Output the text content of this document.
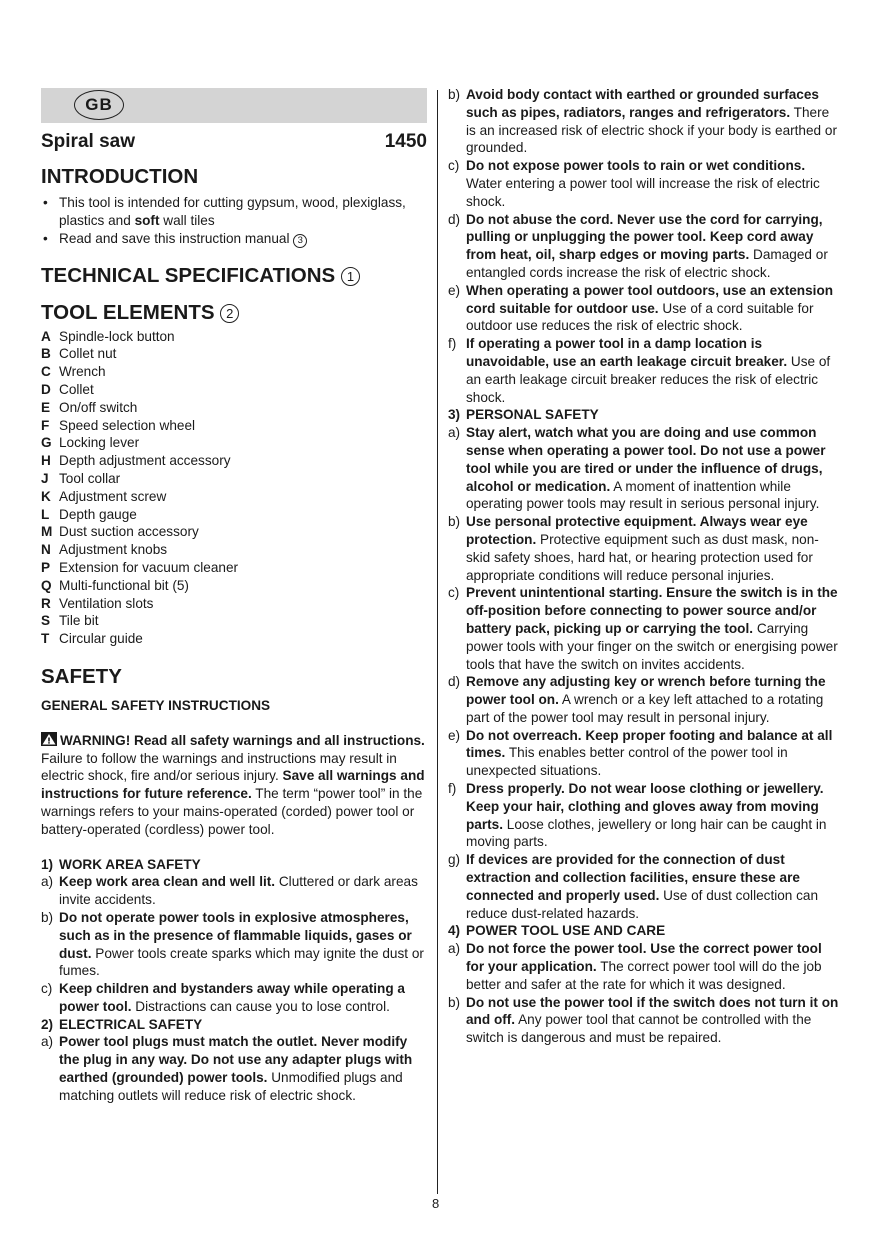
GB
Spiral saw	1450
INTRODUCTION
• This tool is intended for cutting gypsum, wood, plexiglass, plastics and soft wall tiles
• Read and save this instruction manual 3
TECHNICAL SPECIFICATIONS 1
TOOL ELEMENTS 2
A Spindle-lock button
B Collet nut
C Wrench
D Collet
E On/off switch
F Speed selection wheel
G Locking lever
H Depth adjustment accessory
J Tool collar
K Adjustment screw
L Depth gauge
M Dust suction accessory
N Adjustment knobs
P Extension for vacuum cleaner
Q Multi-functional bit (5)
R Ventilation slots
S Tile bit
T Circular guide
SAFETY
GENERAL SAFETY INSTRUCTIONS
WARNING! Read all safety warnings and all instructions. Failure to follow the warnings and instructions may result in electric shock, fire and/or serious injury. Save all warnings and instructions for future reference. The term “power tool” in the warnings refers to your mains-operated (corded) power tool or battery-operated (cordless) power tool.
1) WORK AREA SAFETY
a) Keep work area clean and well lit. Cluttered or dark areas invite accidents.
b) Do not operate power tools in explosive atmospheres, such as in the presence of flammable liquids, gases or dust. Power tools create sparks which may ignite the dust or fumes.
c) Keep children and bystanders away while operating a power tool. Distractions can cause you to lose control.
2) ELECTRICAL SAFETY
a) Power tool plugs must match the outlet. Never modify the plug in any way. Do not use any adapter plugs with earthed (grounded) power tools. Unmodified plugs and matching outlets will reduce risk of electric shock.
b) Avoid body contact with earthed or grounded surfaces such as pipes, radiators, ranges and refrigerators. There is an increased risk of electric shock if your body is earthed or grounded.
c) Do not expose power tools to rain or wet conditions. Water entering a power tool will increase the risk of electric shock.
d) Do not abuse the cord. Never use the cord for carrying, pulling or unplugging the power tool. Keep cord away from heat, oil, sharp edges or moving parts. Damaged or entangled cords increase the risk of electric shock.
e) When operating a power tool outdoors, use an extension cord suitable for outdoor use. Use of a cord suitable for outdoor use reduces the risk of electric shock.
f) If operating a power tool in a damp location is unavoidable, use an earth leakage circuit breaker. Use of an earth leakage circuit breaker reduces the risk of electric shock.
3) PERSONAL SAFETY
a) Stay alert, watch what you are doing and use common sense when operating a power tool. Do not use a power tool while you are tired or under the influence of drugs, alcohol or medication. A moment of inattention while operating power tools may result in serious personal injury.
b) Use personal protective equipment. Always wear eye protection. Protective equipment such as dust mask, non-skid safety shoes, hard hat, or hearing protection used for appropriate conditions will reduce personal injuries.
c) Prevent unintentional starting. Ensure the switch is in the off-position before connecting to power source and/or battery pack, picking up or carrying the tool. Carrying power tools with your finger on the switch or energising power tools that have the switch on invites accidents.
d) Remove any adjusting key or wrench before turning the power tool on. A wrench or a key left attached to a rotating part of the power tool may result in personal injury.
e) Do not overreach. Keep proper footing and balance at all times. This enables better control of the power tool in unexpected situations.
f) Dress properly. Do not wear loose clothing or jewellery. Keep your hair, clothing and gloves away from moving parts. Loose clothes, jewellery or long hair can be caught in moving parts.
g) If devices are provided for the connection of dust extraction and collection facilities, ensure these are connected and properly used. Use of dust collection can reduce dust-related hazards.
4) POWER TOOL USE AND CARE
a) Do not force the power tool. Use the correct power tool for your application. The correct power tool will do the job better and safer at the rate for which it was designed.
b) Do not use the power tool if the switch does not turn it on and off. Any power tool that cannot be controlled with the switch is dangerous and must be repaired.
8
